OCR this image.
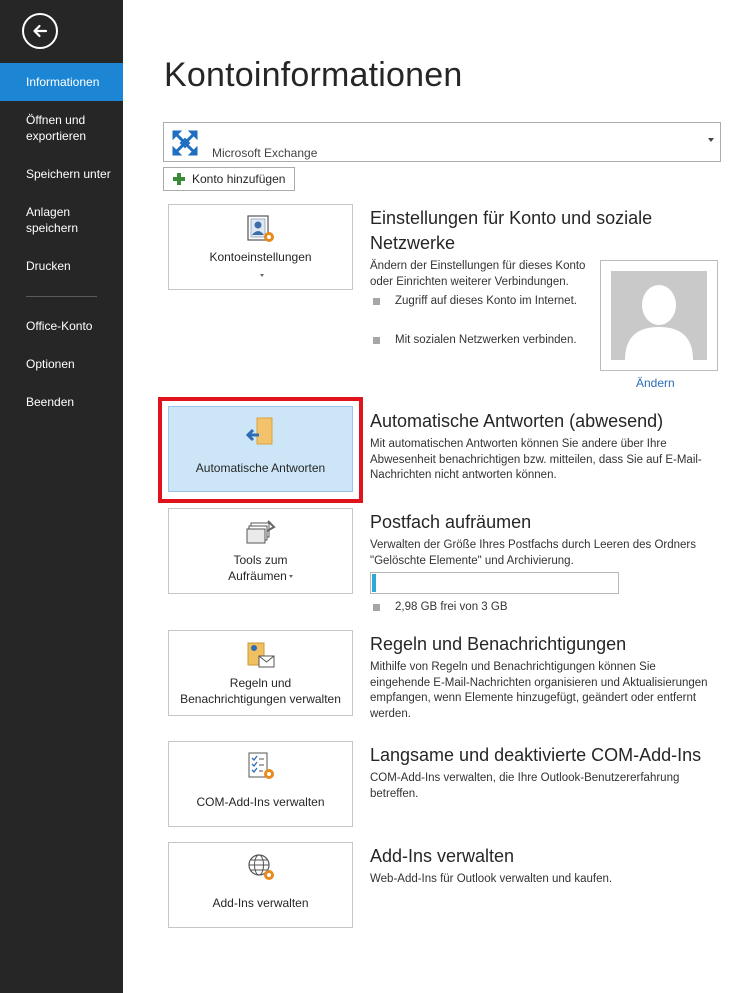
Informationen
Öffnen und exportieren
Speichern unter
Anlagen speichern
Drucken
Office-Konto
Optionen
Beenden
Kontoinformationen
Microsoft Exchange
Konto hinzufügen
Kontoeinstellungen
Einstellungen für Konto und soziale Netzwerke

Ändern der Einstellungen für dieses Konto oder Einrichten weiterer Verbindungen.

Zugriff auf dieses Konto im Internet.
Mit sozialen Netzwerken verbinden.
Ändern
Automatische Antworten
Automatische Antworten (abwesend)

Mit automatischen Antworten können Sie andere über Ihre Abwesenheit benachrichtigen bzw. mitteilen, dass Sie auf E-Mail-Nachrichten nicht antworten können.

Tools zum
Aufräumen
Postfach aufräumen

Verwalten der Größe Ihres Postfachs durch Leeren des Ordners "Gelöschte Elemente" und Archivierung.

2,98 GB frei von 3 GB
Regeln und
Benachrichtigungen verwalten
Regeln und Benachrichtigungen

Mithilfe von Regeln und Benachrichtigungen können Sie eingehende E-Mail-Nachrichten organisieren und Aktualisierungen empfangen, wenn Elemente hinzugefügt, geändert oder entfernt werden.

COM-Add-Ins verwalten
Langsame und deaktivierte COM-Add-Ins

COM-Add-Ins verwalten, die Ihre Outlook-Benutzererfahrung betreffen.

Add-Ins verwalten
Add-Ins verwalten

Web-Add-Ins für Outlook verwalten und kaufen.
